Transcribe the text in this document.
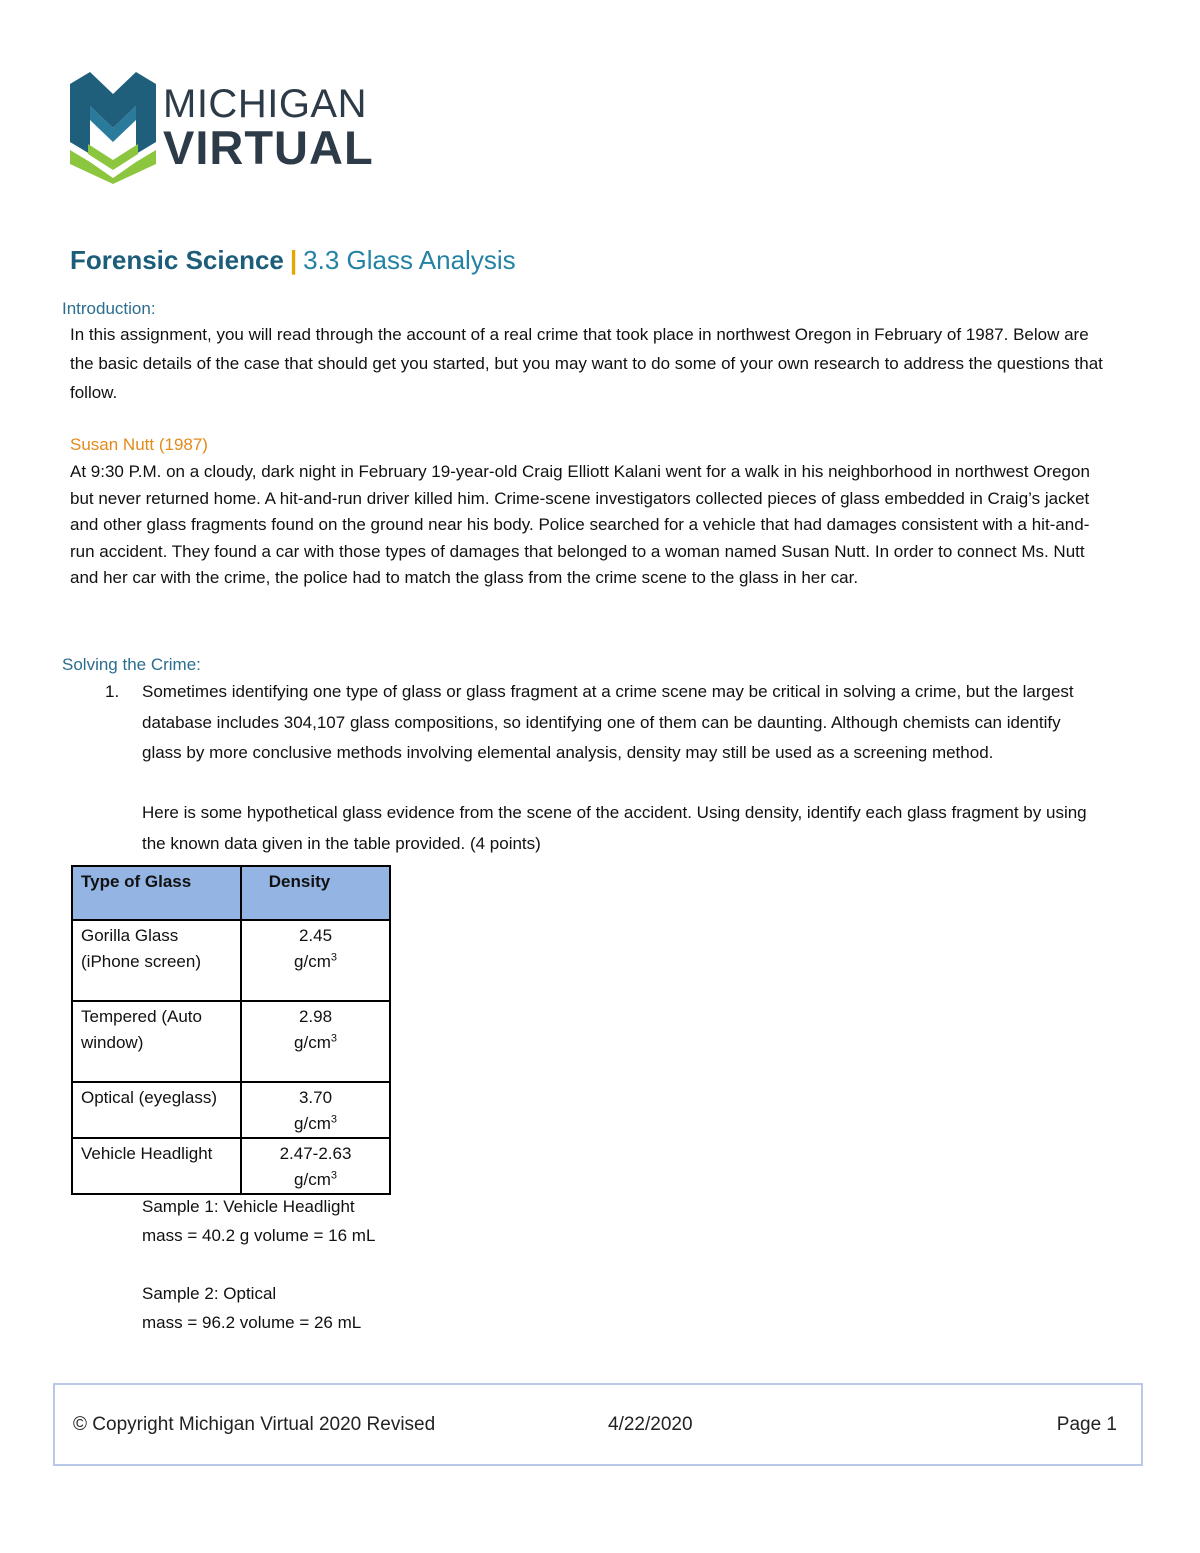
MICHIGAN
VIRTUAL
Forensic Science | 3.3 Glass Analysis
Introduction:

In this assignment, you will read through the account of a real crime that took place in northwest Oregon in February of 1987. Below are the basic details of the case that should get you started, but you may want to do some of your own research to address the questions that follow.

Susan Nutt (1987)

At 9:30 P.M. on a cloudy, dark night in February 19-year-old Craig Elliott Kalani went for a walk in his neighborhood in northwest Oregon but never returned home. A hit-and-run driver killed him. Crime-scene investigators collected pieces of glass embedded in Craig’s jacket and other glass fragments found on the ground near his body. Police searched for a vehicle that had damages consistent with a hit-and-run accident. They found a car with those types of damages that belonged to a woman named Susan Nutt. In order to connect Ms. Nutt and her car with the crime, the police had to match the glass from the crime scene to the glass in her car.

Solving the Crime:
1. Sometimes identifying one type of glass or glass fragment at a crime scene may be critical in solving a crime, but the largest database includes 304,107 glass compositions, so identifying one of them can be daunting. Although chemists can identify glass by more conclusive methods involving elemental analysis, density may still be used as a screening method.

Here is some hypothetical glass evidence from the scene of the accident. Using density, identify each glass fragment by using the known data given in the table provided. (4 points)

Type of Glass	Density
Gorilla Glass (iPhone screen)	2.45
$g/cm^3$

Tempered (Auto window)	2.98
$g/cm^3$

Optical (eyeglass)	3.70
$g/cm^3$

Vehicle Headlight	2.47-2.63
$g/cm^3$
Sample 1: Vehicle Headlight
mass = 40.2 g volume = 16 mL
Sample 2: Optical
mass = 96.2 volume = 26 mL
© Copyright Michigan Virtual 2020 Revised	4/22/2020	Page 1
